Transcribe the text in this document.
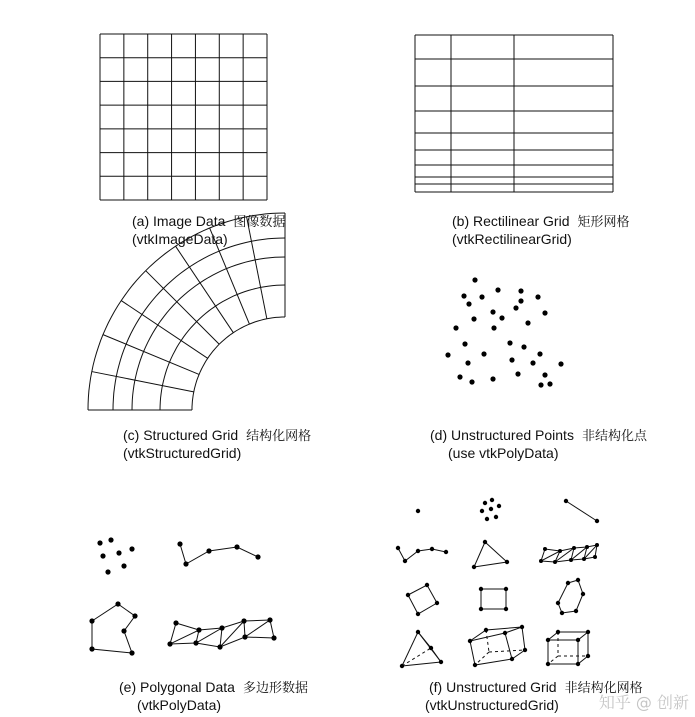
(a) Image Data 图像数据
(vtkImageData)
(b) Rectilinear Grid 矩形网格
(vtkRectilinearGrid)
(c) Structured Grid 结构化网格
(vtkStructuredGrid)
(d) Unstructured Points 非结构化点
(use vtkPolyData)
(e) Polygonal Data 多边形数据
(vtkPolyData)
(f) Unstructured Grid 非结构化网格
(vtkUnstructuredGrid)	知乎 @ 创新
